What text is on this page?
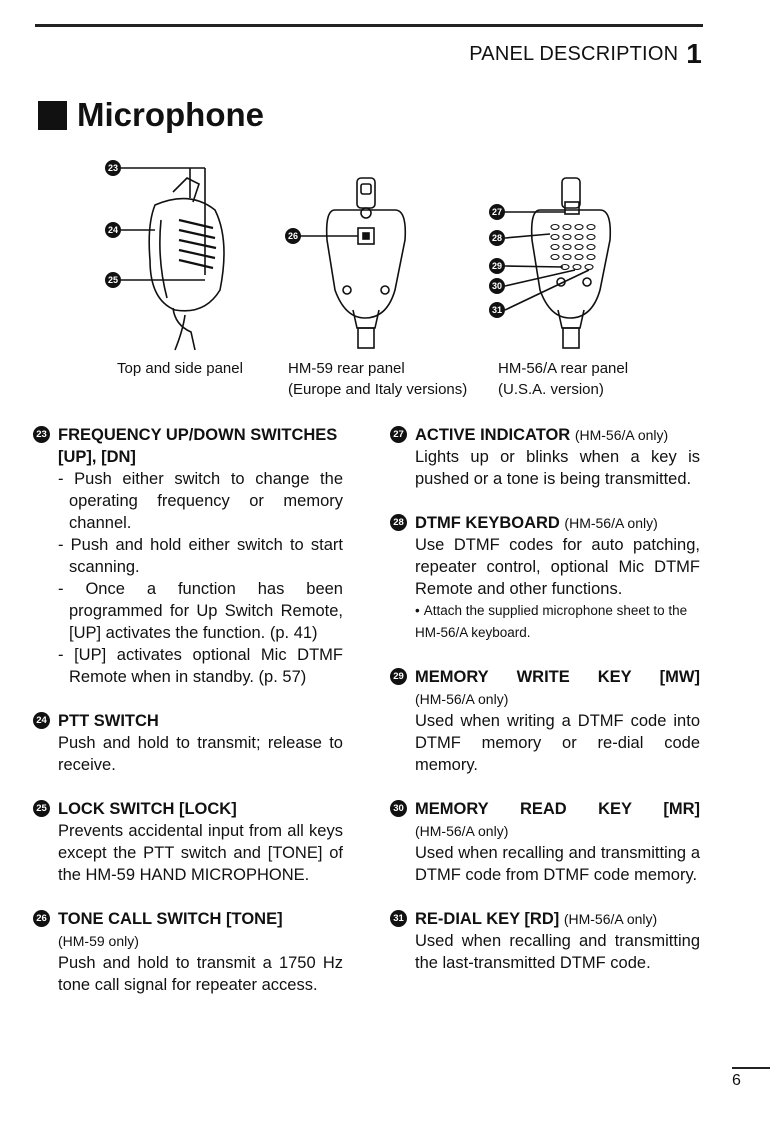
PANEL DESCRIPTION 1
Microphone
23
24
25
26
27
28
29
30
31
Top and side panel	HM-59 rear panel
(Europe and Italy versions)
HM-56/A rear panel
(U.S.A. version)
23 FREQUENCY UP/DOWN SWITCHES
[UP], [DN]
- Push either switch to change the operating frequency or memory channel.
- Push and hold either switch to start scanning.
- Once a function has been programmed for Up Switch Remote, [UP] activates the function. (p. 41)
- [UP] activates optional Mic DTMF Remote when in standby. (p. 57)
24 PTT SWITCH
Push and hold to transmit; release to receive.
25 LOCK SWITCH [LOCK]
Prevents accidental input from all keys except the PTT switch and [TONE] of the HM-59 HAND MICROPHONE.
26 TONE CALL SWITCH [TONE]
(HM-59 only)
Push and hold to transmit a 1750 Hz tone call signal for repeater access.
27 ACTIVE INDICATOR (HM-56/A only)
Lights up or blinks when a key is pushed or a tone is being transmitted.
28 DTMF KEYBOARD (HM-56/A only)
Use DTMF codes for auto patching, repeater control, optional Mic DTMF Remote and other functions.
• Attach the supplied microphone sheet to the HM-56/A keyboard.
29 MEMORY WRITE KEY [MW]
(HM-56/A only)
Used when writing a DTMF code into DTMF memory or re-dial code memory.
30 MEMORY READ KEY [MR]
(HM-56/A only)
Used when recalling and transmitting a DTMF code from DTMF code memory.
31 RE-DIAL KEY [RD] (HM-56/A only)
Used when recalling and transmitting the last-transmitted DTMF code.
6
